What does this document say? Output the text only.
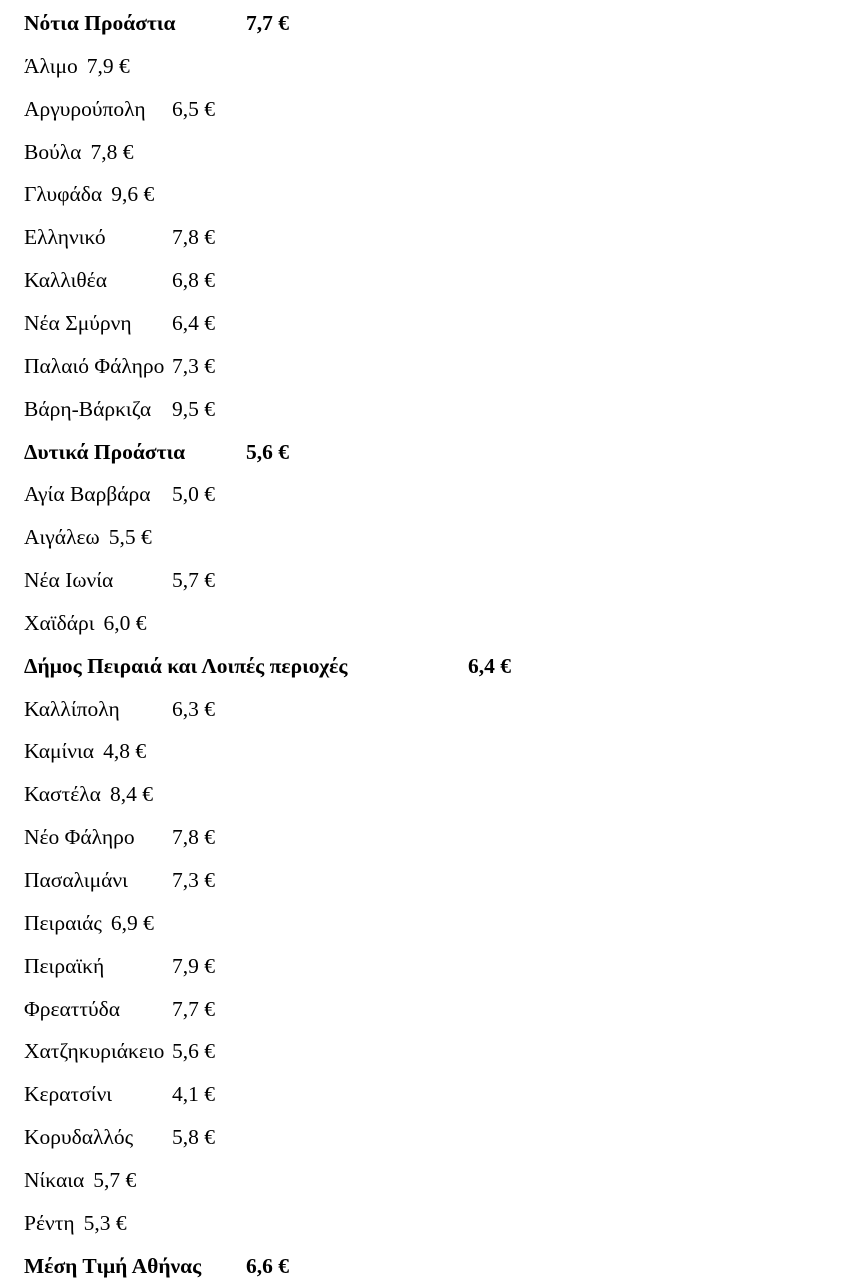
Νότια Προάστια	7,7 €
Άλιμο 7,9 €
Αργυρούπολη 6,5 €
Βούλα 7,8 €
Γλυφάδα 9,6 €
Ελληνικό	7,8 €
Καλλιθέα	6,8 €
Νέα Σμύρνη 6,4 €
Παλαιό Φάληρο 7,3 €
Βάρη-Βάρκιζα 9,5 €
Δυτικά Προάστια	5,6 €
Αγία Βαρβάρα 5,0 €
Αιγάλεω 5,5 €
Νέα Ιωνία	5,7 €
Χαϊδάρι 6,0 €
Δήμος Πειραιά και Λοιπές περιοχές	6,4 €
Καλλίπολη 6,3 €
Καμίνια 4,8 €
Καστέλα 8,4 €
Νέο Φάληρο 7,8 €
Πασαλιμάνι 7,3 €
Πειραιάς 6,9 €
Πειραϊκή	7,9 €
Φρεαττύδα 7,7 €
Χατζηκυριάκειο 5,6 €
Κερατσίνι	4,1 €
Κορυδαλλός 5,8 €
Νίκαια 5,7 €
Ρέντη 5,3 €
Μέση Τιμή Αθήνας 6,6 €
